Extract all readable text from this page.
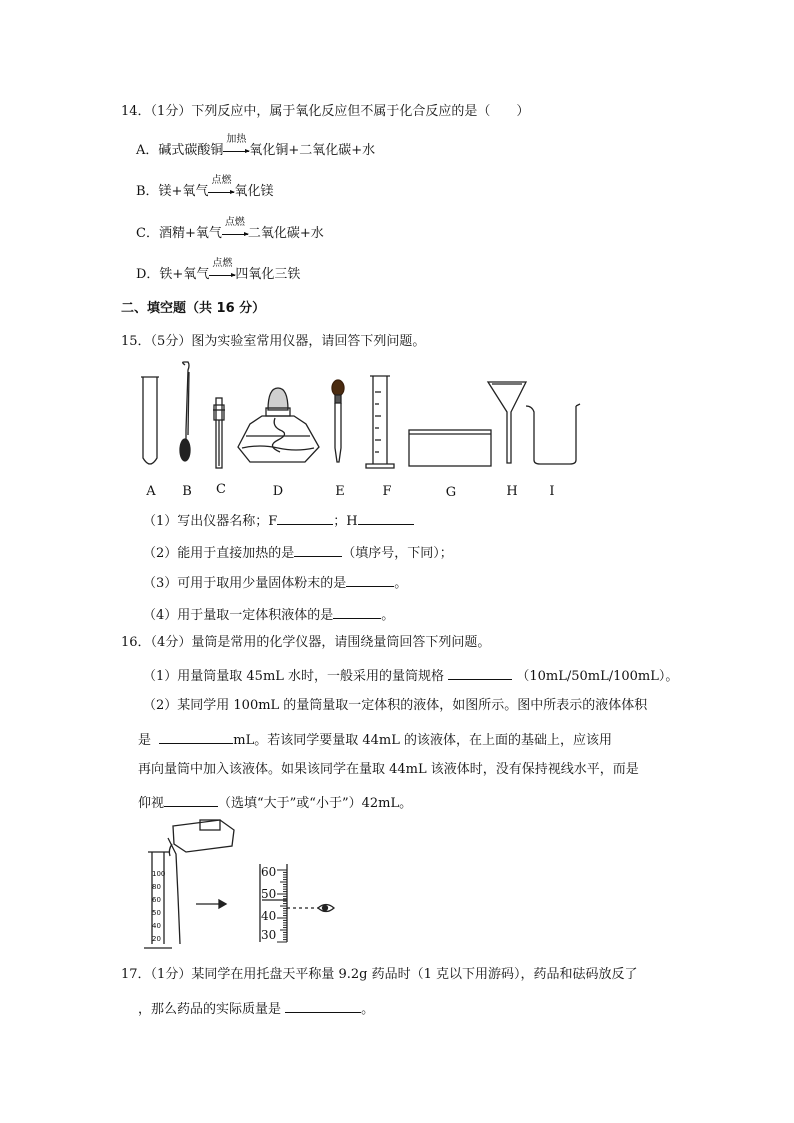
14．（1分）下列反应中，属于氧化反应但不属于化合反应的是（　　）
A．碱式碳酸铜
加热
氧化铜+二氧化碳+水
B．镁+氧气
点燃
氧化镁
C．酒精+氧气
点燃
二氧化碳+水
D．铁+氧气
点燃
四氧化三铁
二、填空题（共 16 分）
15．（5分）图为实验室常用仪器，请回答下列问题。
A	B	C	D	E	F	G	H	I
（1）写出仪器名称；F	；H
（2）能用于直接加热的是	（填序号，下同）；
（3）可用于取用少量固体粉末的是	。
（4）用于量取一定体积液体的是	。
16．（4分）量筒是常用的化学仪器，请围绕量筒回答下列问题。
（1）用量筒量取 45mL 水时，一般采用的量筒规格	（10mL/50mL/100mL）。
（2）某同学用 100mL 的量筒量取一定体积的液体，如图所示。图中所表示的液体体积
是	mL。若该同学要量取 44mL 的该液体，在上面的基础上，应该用
再向量筒中加入该液体。如果该同学在量取 44mL 该液体时，没有保持视线水平，而是
仰视	（选填“大于”或“小于”）42mL。
100
80
60
50
40
20
60
50
40
30
17．（1分）某同学在用托盘天平称量 9.2g 药品时（1 克以下用游码），药品和砝码放反了
，那么药品的实际质量是	。
